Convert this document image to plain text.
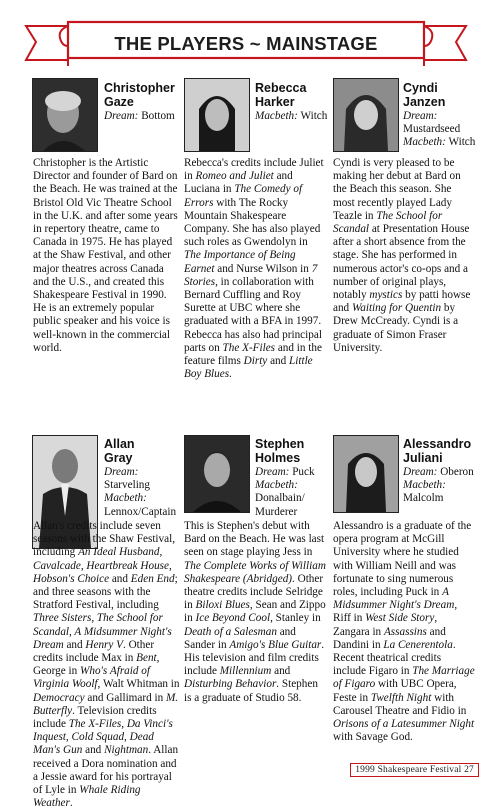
THE PLAYERS ~ MAINSTAGE
Christopher
Gaze
Dream: Bottom
Christopher is the Artistic Director and founder of Bard on the Beach. He was trained at the Bristol Old Vic Theatre School in the U.K. and after some years in repertory theatre, came to Canada in 1975. He has played at the Shaw Festival, and other major theatres across Canada and the U.S., and created this Shakespeare Festival in 1990. He is an extremely popular public speaker and his voice is well-known in the commercial world.
Rebecca
Harker
Macbeth: Witch
Rebecca's credits include Juliet in Romeo and Juliet and Luciana in The Comedy of Errors with The Rocky Mountain Shakespeare Company. She has also played such roles as Gwendolyn in The Importance of Being Earnet and Nurse Wilson in 7 Stories, in collaboration with Bernard Cuffling and Roy Surette at UBC where she graduated with a BFA in 1997. Rebecca has also had principal parts on The X-Files and in the feature films Dirty and Little Boy Blues.
Cyndi
Janzen
Dream:
Mustardseed
Macbeth: Witch
Cyndi is very pleased to be making her debut at Bard on the Beach this season. She most recently played Lady Teazle in The School for Scandal at Presentation House after a short absence from the stage. She has performed in numerous actor's co-ops and a number of original plays, notably mystics by patti howse and Waiting for Quentin by Drew McCready. Cyndi is a graduate of Simon Fraser University.
Allan
Gray
Dream:
Starveling
Macbeth:
Lennox/Captain
Allan's credits include seven seasons with the Shaw Festival, including An Ideal Husband, Cavalcade, Heartbreak House, Hobson's Choice and Eden End; and three seasons with the Stratford Festival, including Three Sisters, The School for Scandal, A Midsummer Night's Dream and Henry V. Other credits include Max in Bent, George in Who's Afraid of Virginia Woolf, Walt Whitman in Democracy and Gallimard in M. Butterfly. Television credits include The X-Files, Da Vinci's Inquest, Cold Squad, Dead Man's Gun and Nightman. Allan received a Dora nomination and a Jessie award for his portrayal of Lyle in Whale Riding Weather.
Stephen
Holmes
Dream: Puck
Macbeth:
Donalbain/ Murderer
This is Stephen's debut with Bard on the Beach. He was last seen on stage playing Jess in The Complete Works of William Shakespeare (Abridged). Other theatre credits include Selridge in Biloxi Blues, Sean and Zippo in Ice Beyond Cool, Stanley in Death of a Salesman and Sander in Amigo's Blue Guitar. His television and film credits include Millennium and Disturbing Behavior. Stephen is a graduate of Studio 58.
Alessandro
Juliani
Dream: Oberon
Macbeth:
Malcolm
Alessandro is a graduate of the opera program at McGill University where he studied with William Neill and was fortunate to sing numerous roles, including Puck in A Midsummer Night's Dream, Riff in West Side Story, Zangara in Assassins and Dandini in La Cenerentola. Recent theatrical credits include Figaro in The Marriage of Figaro with UBC Opera, Feste in Twelfth Night with Carousel Theatre and Fidio in Orisons of a Latesummer Night with Savage God.
1999 Shakespeare Festival 27
